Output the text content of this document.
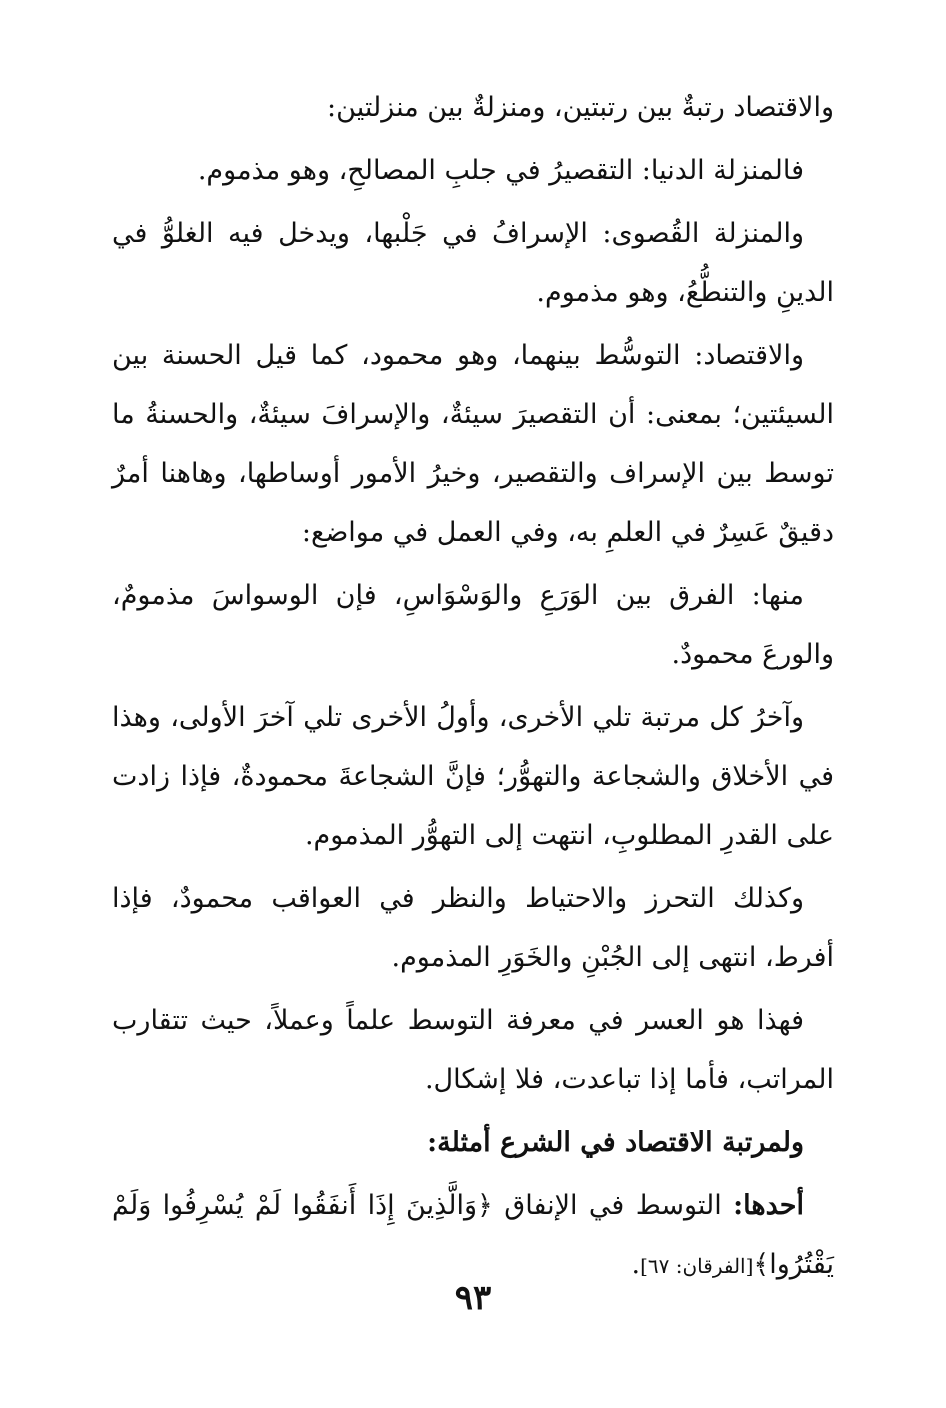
والاقتصاد رتبةٌ بين رتبتين، ومنزلةٌ بين منزلتين:

فالمنزلة الدنيا: التقصيرُ في جلبِ المصالحِ، وهو مذموم.

والمنزلة القُصوى: الإسرافُ في جَلْبها، ويدخل فيه الغلوُّ في الدينِ والتنطُّعُ، وهو مذموم.

والاقتصاد: التوسُّط بينهما، وهو محمود، كما قيل الحسنة بين السيئتين؛ بمعنى: أن التقصيرَ سيئةٌ، والإسرافَ سيئةٌ، والحسنةُ ما توسط بين الإسراف والتقصير، وخيرُ الأمور أوساطها، وهاهنا أمرٌ دقيقٌ عَسِرٌ في العلمِ به، وفي العمل في مواضع:

منها: الفرق بين الوَرَعِ والوَسْوَاسِ، فإن الوسواسَ مذمومٌ، والورعَ محمودٌ.

وآخرُ كل مرتبة تلي الأخرى، وأولُ الأخرى تلي آخرَ الأولى، وهذا في الأخلاق والشجاعة والتهوُّر؛ فإنَّ الشجاعةَ محمودةٌ، فإذا زادت على القدرِ المطلوبِ، انتهت إلى التهوُّر المذموم.

وكذلك التحرز والاحتياط والنظر في العواقب محمودٌ، فإذا أفرط، انتهى إلى الجُبْنِ والخَوَرِ المذموم.

فهذا هو العسر في معرفة التوسط علماً وعملاً، حيث تتقارب المراتب، فأما إذا تباعدت، فلا إشكال.

ولمرتبة الاقتصاد في الشرع أمثلة:

أحدها: التوسط في الإنفاق ﴿وَالَّذِينَ إِذَا أَنفَقُوا لَمْ يُسْرِفُوا وَلَمْ يَقْتُرُوا﴾[الفرقان: ٦٧].

٩٣
